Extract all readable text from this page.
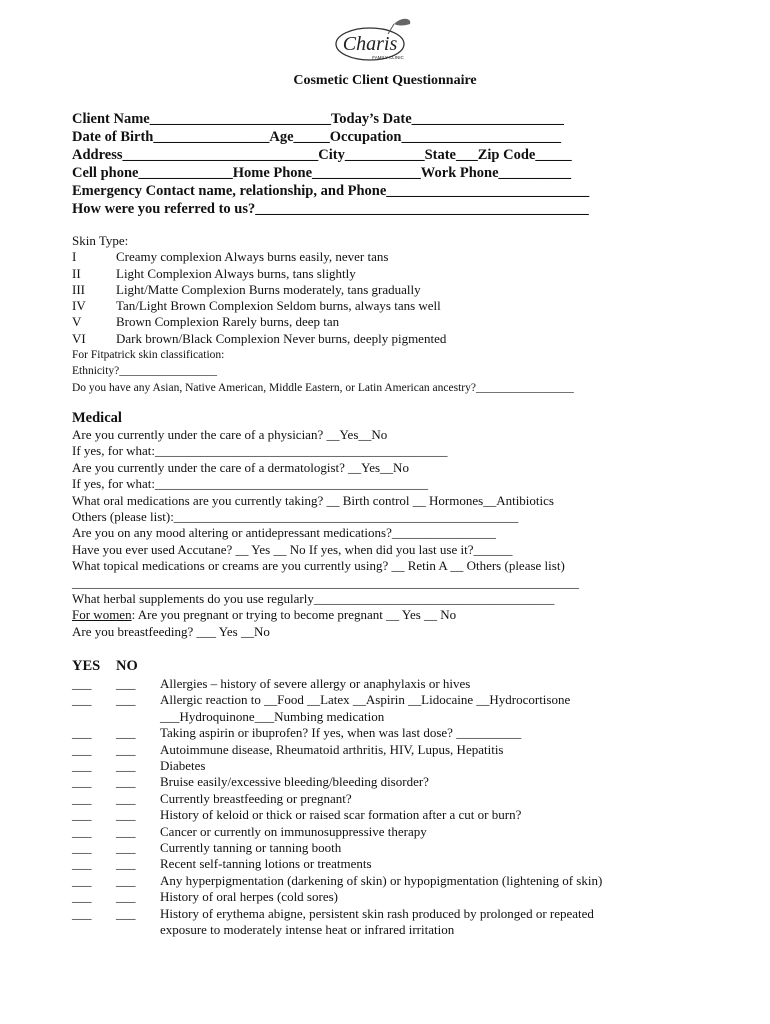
Charis
FAMILY CLINIC
Cosmetic Client Questionnaire
Client Name_________________________Today’s Date_____________________
Date of Birth________________Age_____Occupation______________________
Address___________________________City___________State___Zip Code_____
Cell phone_____________Home Phone_______________Work Phone__________
Emergency Contact name, relationship, and Phone____________________________
How were you referred to us?______________________________________________
Skin Type:
I	Creamy complexion Always burns easily, never tans
II	Light Complexion Always burns, tans slightly
III Light/Matte Complexion Burns moderately, tans gradually
IV Tan/Light Brown Complexion Seldom burns, always tans well
V	Brown Complexion Rarely burns, deep tan
VI Dark brown/Black Complexion Never burns, deeply pigmented
For Fitpatrick skin classification:
Ethnicity?_________________
Do you have any Asian, Native American, Middle Eastern, or Latin American ancestry?_________________
Medical
Are you currently under the care of a physician? __Yes__No
If yes, for what:_____________________________________________
Are you currently under the care of a dermatologist? __Yes__No
If yes, for what:__________________________________________
What oral medications are you currently taking? __ Birth control __ Hormones__Antibiotics
Others (please list):_____________________________________________________
Are you on any mood altering or antidepressant medications?________________
Have you ever used Accutane? __ Yes __ No If yes, when did you last use it?______
What topical medications or creams are you currently using? __ Retin A __ Others (please list)
______________________________________________________________________________
What herbal supplements do you use regularly_____________________________________
For women: Are you pregnant or trying to become pregnant __ Yes __ No
Are you breastfeeding? ___ Yes __No
YES NO
___	___	Allergies – history of severe allergy or anaphylaxis or hives
___	___	Allergic reaction to __Food __Latex __Aspirin __Lidocaine __Hydrocortisone
___Hydroquinone___Numbing medication
___	___	Taking aspirin or ibuprofen? If yes, when was last dose? __________
___	___	Autoimmune disease, Rheumatoid arthritis, HIV, Lupus, Hepatitis
___	___	Diabetes
___	___	Bruise easily/excessive bleeding/bleeding disorder?
___	___	Currently breastfeeding or pregnant?
___	___	History of keloid or thick or raised scar formation after a cut or burn?
___	___	Cancer or currently on immunosuppressive therapy
___	___	Currently tanning or tanning booth
___	___	Recent self-tanning lotions or treatments
___	___	Any hyperpigmentation (darkening of skin) or hypopigmentation (lightening of skin)
___	___	History of oral herpes (cold sores)
___	___	History of erythema abigne, persistent skin rash produced by prolonged or repeated
exposure to moderately intense heat or infrared irritation
